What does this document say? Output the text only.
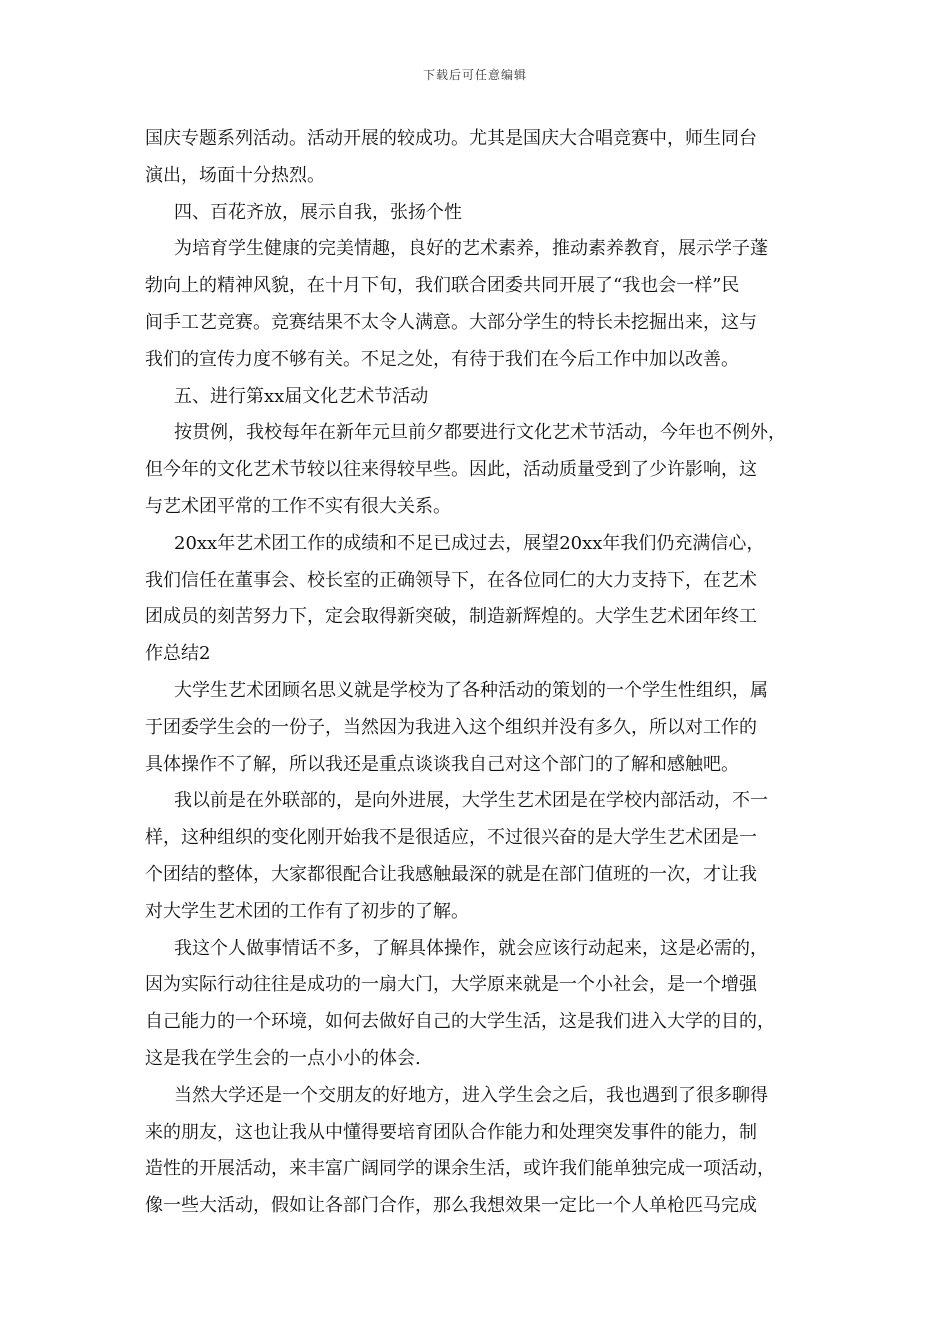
下载后可任意编辑
国庆专题系列活动。活动开展的较成功。尤其是国庆大合唱竞赛中，师生同台
演出，场面十分热烈。
四、百花齐放，展示自我，张扬个性
为培育学生健康的完美情趣，良好的艺术素养，推动素养教育，展示学子蓬
勃向上的精神风貌，在十月下旬，我们联合团委共同开展了“我也会一样”民
间手工艺竞赛。竞赛结果不太令人满意。大部分学生的特长未挖掘出来，这与
我们的宣传力度不够有关。不足之处，有待于我们在今后工作中加以改善。
五、进行第xx届文化艺术节活动
按贯例，我校每年在新年元旦前夕都要进行文化艺术节活动，今年也不例外，
但今年的文化艺术节较以往来得较早些。因此，活动质量受到了少许影响，这
与艺术团平常的工作不实有很大关系。
20xx年艺术团工作的成绩和不足已成过去，展望20xx年我们仍充满信心，
我们信任在董事会、校长室的正确领导下，在各位同仁的大力支持下，在艺术
团成员的刻苦努力下，定会取得新突破，制造新辉煌的。大学生艺术团年终工
作总结2
大学生艺术团顾名思义就是学校为了各种活动的策划的一个学生性组织，属
于团委学生会的一份子，当然因为我进入这个组织并没有多久，所以对工作的
具体操作不了解，所以我还是重点谈谈我自己对这个部门的了解和感触吧。
我以前是在外联部的，是向外进展，大学生艺术团是在学校内部活动，不一
样，这种组织的变化刚开始我不是很适应，不过很兴奋的是大学生艺术团是一
个团结的整体，大家都很配合让我感触最深的就是在部门值班的一次，才让我
对大学生艺术团的工作有了初步的了解。
我这个人做事情话不多，了解具体操作，就会应该行动起来，这是必需的，
因为实际行动往往是成功的一扇大门，大学原来就是一个小社会，是一个增强
自己能力的一个环境，如何去做好自己的大学生活，这是我们进入大学的目的，
这是我在学生会的一点小小的体会.
当然大学还是一个交朋友的好地方，进入学生会之后，我也遇到了很多聊得
来的朋友，这也让我从中懂得要培育团队合作能力和处理突发事件的能力，制
造性的开展活动，来丰富广阔同学的课余生活，或许我们能单独完成一项活动，
像一些大活动，假如让各部门合作，那么我想效果一定比一个人单枪匹马完成
